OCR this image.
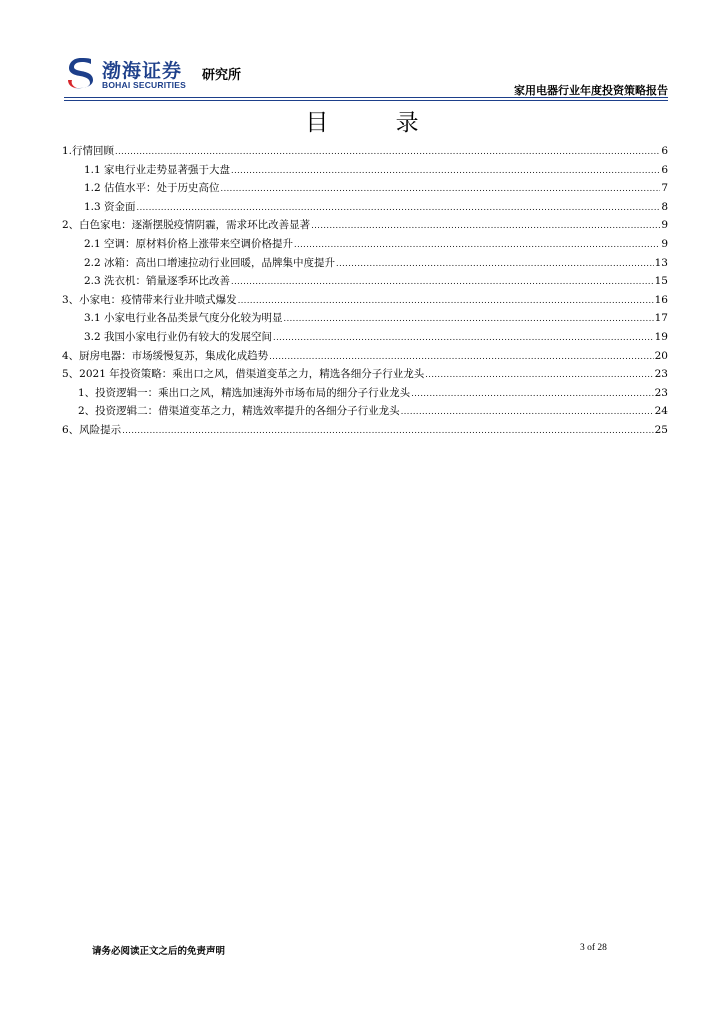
渤海证券
BOHAI SECURITIES
研究所
家用电器行业年度投资策略报告
目 录
1.行情回顾 .....	6
1.1 家电行业走势显著强于大盘 .....	6
1.2 估值水平：处于历史高位 .....	7
1.3 资金面 .....	8
2、白色家电：逐渐摆脱疫情阴霾，需求环比改善显著 .....	9
2.1 空调：原材料价格上涨带来空调价格提升 .....	9
2.2 冰箱：高出口增速拉动行业回暖，品牌集中度提升 .....	13
2.3 洗衣机：销量逐季环比改善 .....	15
3、小家电：疫情带来行业井喷式爆发 .....	16
3.1 小家电行业各品类景气度分化较为明显 .....	17
3.2 我国小家电行业仍有较大的发展空间 .....	19
4、厨房电器：市场缓慢复苏，集成化成趋势 .....	20
5、2021 年投资策略：乘出口之风，借渠道变革之力，精选各细分子行业龙头 .....	23
1、投资逻辑一：乘出口之风，精选加速海外市场布局的细分子行业龙头 .....	23
2、投资逻辑二：借渠道变革之力，精选效率提升的各细分子行业龙头 .....	24
6、风险提示 .....	25
请务必阅读正文之后的免责声明	3 of 28
